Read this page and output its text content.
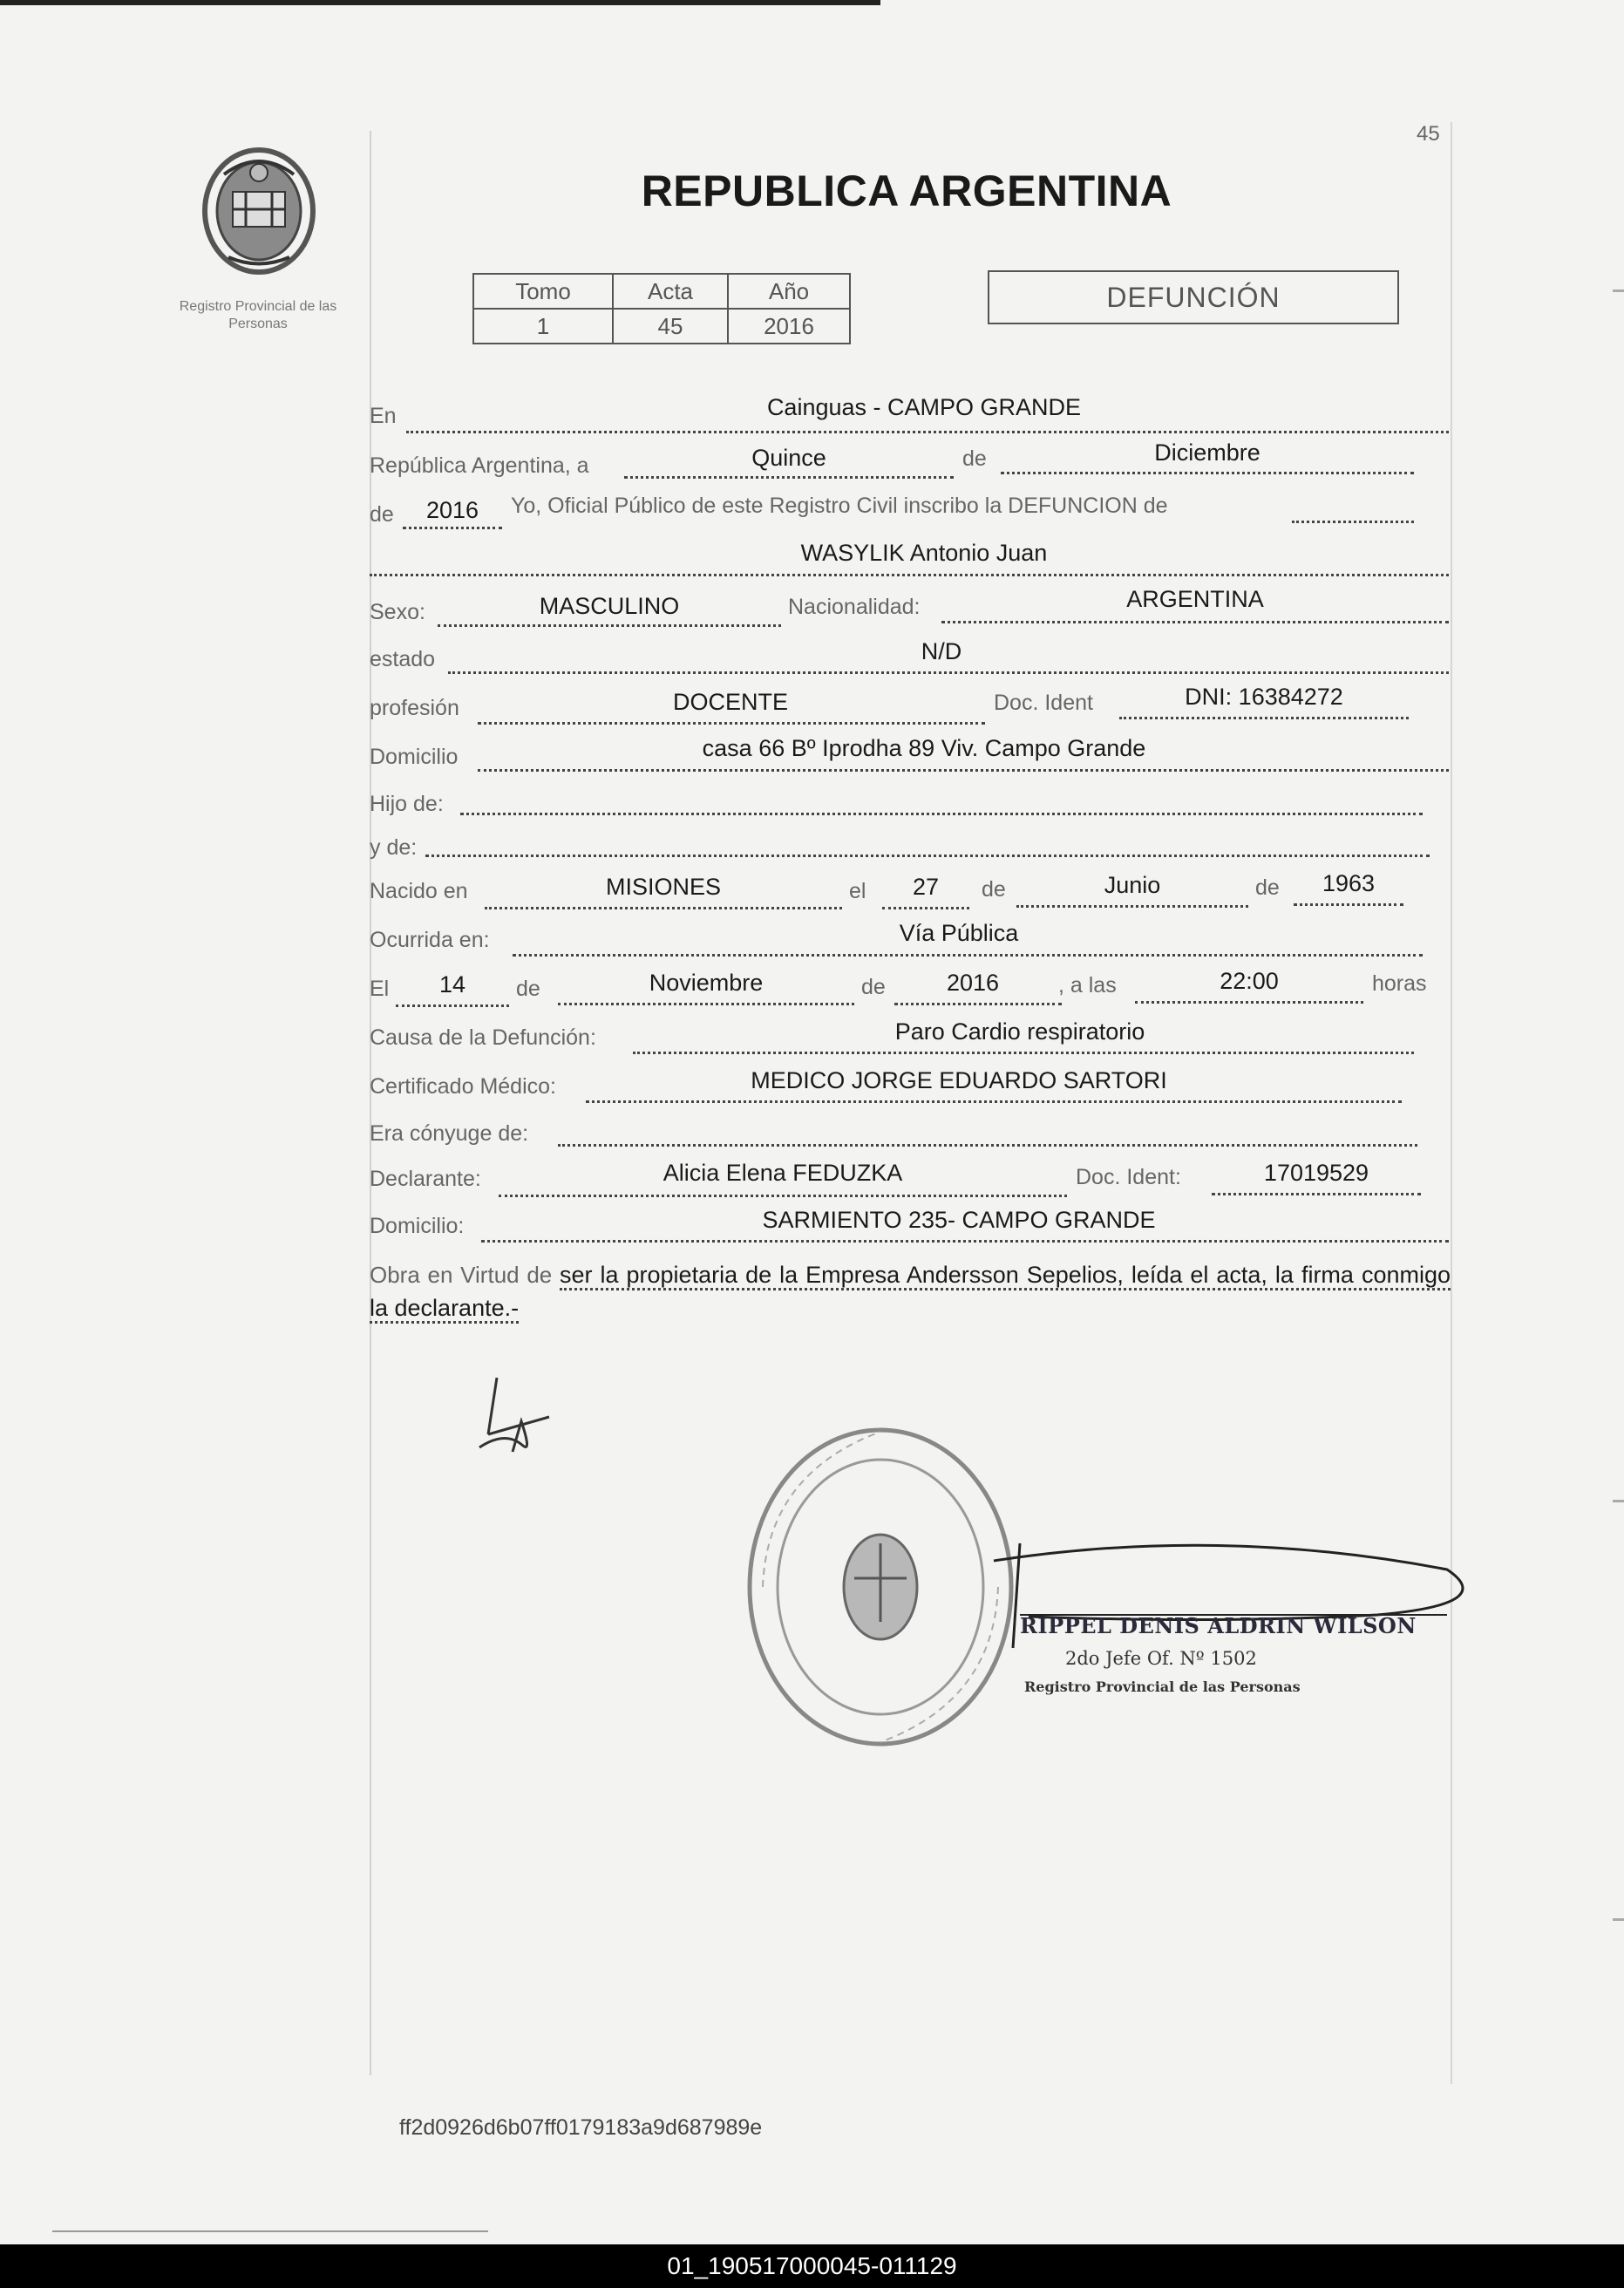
45
Registro Provincial de las Personas
REPUBLICA ARGENTINA
Tomo	Acta	Año
1	45	2016
DEFUNCIÓN
En	Cainguas - CAMPO GRANDE
República Argentina, a	Quince	de	Diciembre
de	2016	Yo, Oficial Público de este Registro Civil inscribo la DEFUNCION de
WASYLIK Antonio Juan
Sexo:	MASCULINO	Nacionalidad:	ARGENTINA
estado	N/D
profesión	DOCENTE	Doc. Ident	DNI: 16384272
Domicilio	casa 66 Bº Iprodha 89 Viv. Campo Grande
Hijo de:
y de:
Nacido en	MISIONES	el	27	de	Junio	de	1963
Ocurrida en:	Vía Pública
El	14	de	Noviembre	de	2016	, a las	22:00	horas
Causa de la Defunción:	Paro Cardio respiratorio
Certificado Médico:	MEDICO JORGE EDUARDO SARTORI
Era cónyuge de:
Declarante:	Alicia Elena FEDUZKA	Doc. Ident:	17019529
Domicilio:	SARMIENTO 235- CAMPO GRANDE
Obra en Virtud de ser la propietaria de la Empresa Andersson Sepelios, leída el acta, la firma conmigo la declarante.-
RIPPEL DENIS ALDRIN WILSON
2do Jefe Of. Nº 1502
Registro Provincial de las Personas
ff2d0926d6b07ff0179183a9d687989e
01_190517000045-011129
